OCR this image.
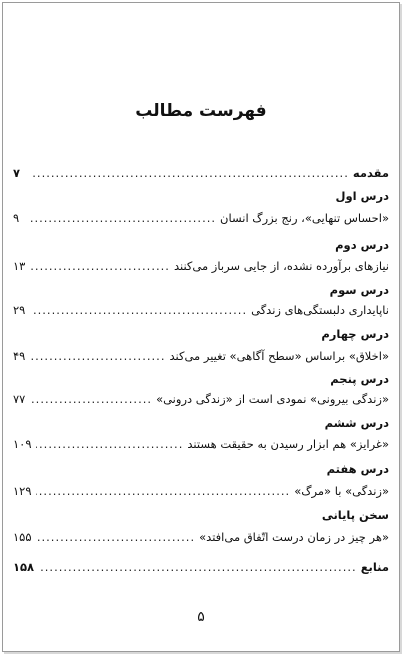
فهرست مطالب
مقدمه
.....
۷
درس اول
«احساس تنهایی»، رنج بزرگ انسان
.....
۹
درس دوم
نیازهای برآورده نشده، از جایی سرباز می‌کنند
.....
۱۳
درس سوم
ناپایداری دلبستگی‌های زندگی
.....
۲۹
درس چهارم
«اخلاق» براساس «سطح آگاهی» تغییر می‌کند
.....
۴۹
درس پنجم
«زندگی بیرونی» نمودی است از «زندگی درونی»
.....
۷۷
درس ششم
«غرایز» هم ابزار رسیدن به حقیقت هستند
.....
۱۰۹
درس هفتم
«زندگی» با «مرگ»
.....
۱۲۹
سخن پایانی
«هر چیز در زمان درست اتّفاق می‌افتد»
.....
۱۵۵
منابع
.....
۱۵۸
۵
